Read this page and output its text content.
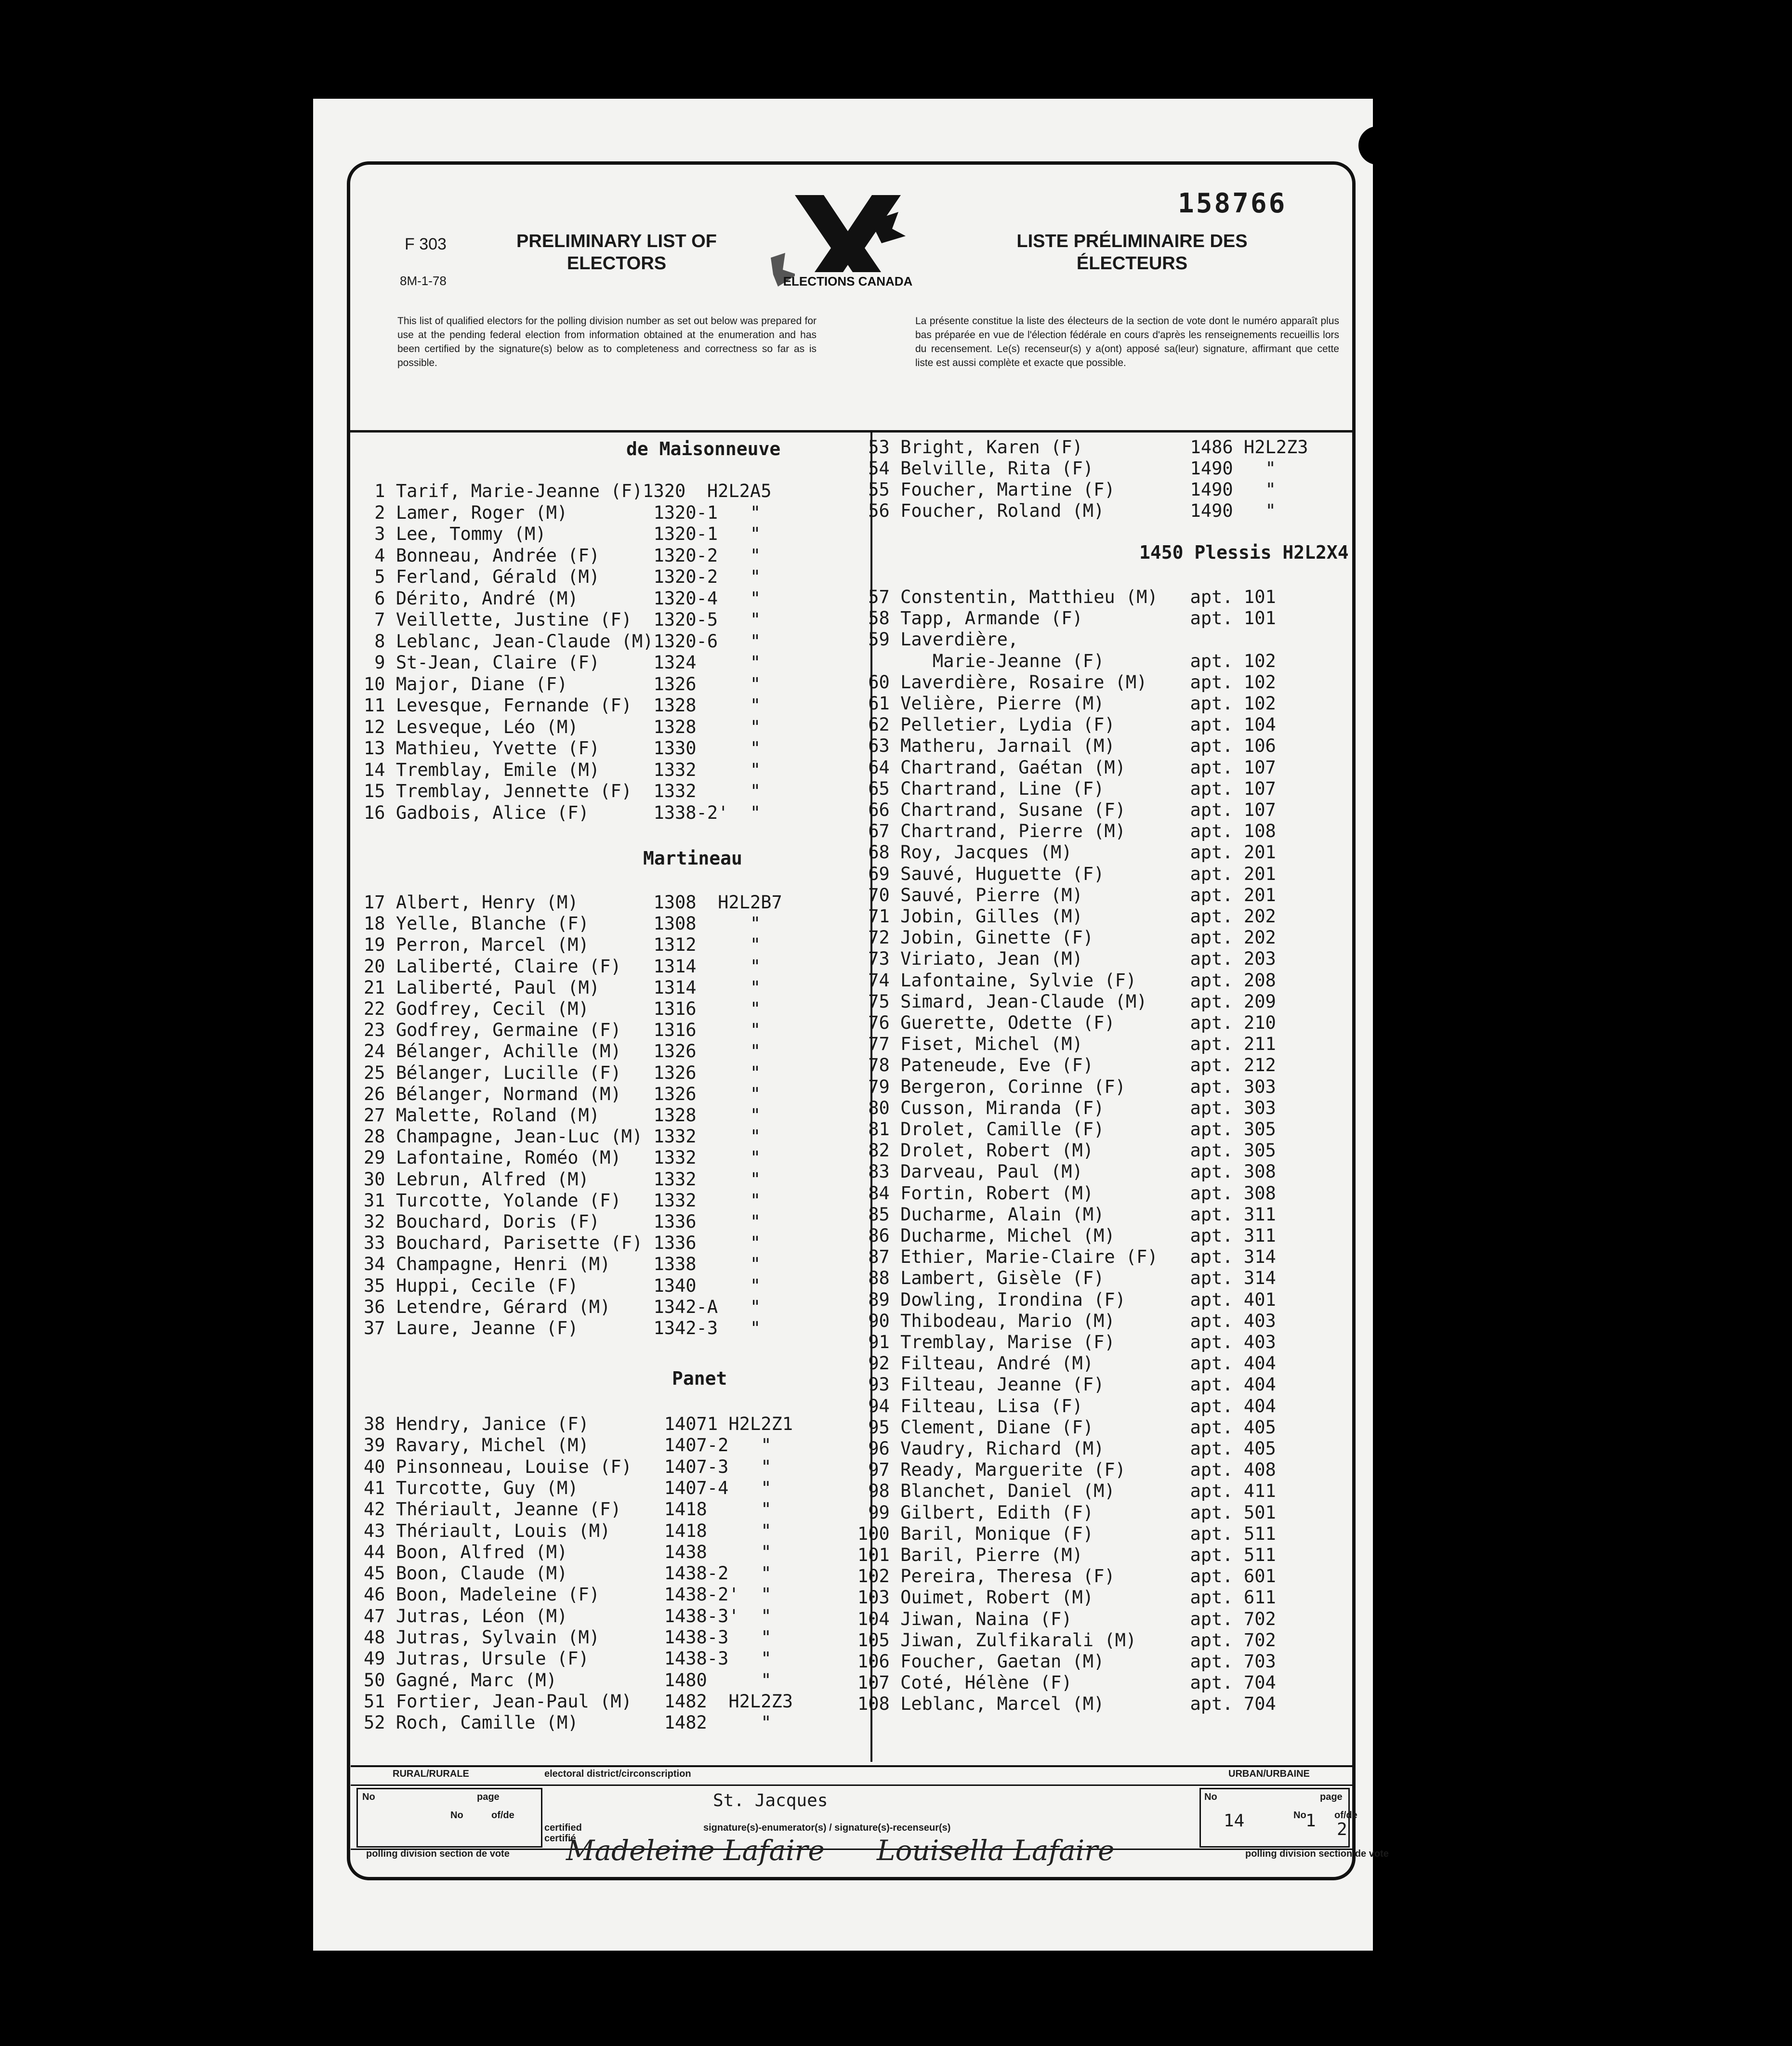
F 303
8M-1-78
PRELIMINARY LIST OF ELECTORS
LISTE PRÉLIMINAIRE DES ÉLECTEURS
158766
ELECTIONS CANADA
This list of qualified electors for the polling division number as set out below was prepared for use at the pending federal election from information obtained at the enumeration and has been certified by the signature(s) below as to completeness and correctness so far as is possible.
La présente constitue la liste des électeurs de la section de vote dont le numéro apparaît plus bas préparée en vue de l'élection fédérale en cours d'après les renseignements recueillis lors du recensement. Le(s) recenseur(s) y a(ont) apposé sa(leur) signature, affirmant que cette liste est aussi complète et exacte que possible.
de Maisonneuve
Martineau
Panet
1450 Plessis H2L2X4
1 Tarif, Marie-Jeanne (F)1320  H2L2A5
2 Lamer, Roger (M)        1320-1   "
3 Lee, Tommy (M)          1320-1   "
4 Bonneau, Andrée (F)     1320-2   "
5 Ferland, Gérald (M)     1320-2   "
6 Dérito, André (M)       1320-4   "
7 Veillette, Justine (F)  1320-5   "
8 Leblanc, Jean-Claude (M)1320-6   "
9 St-Jean, Claire (F)     1324     "
10 Major, Diane (F)        1326     "
11 Levesque, Fernande (F)  1328     "
12 Lesveque, Léo (M)       1328     "
13 Mathieu, Yvette (F)     1330     "
14 Tremblay, Emile (M)     1332     "
15 Tremblay, Jennette (F)  1332     "
16 Gadbois, Alice (F)      1338-2'  "
17 Albert, Henry (M)       1308  H2L2B7
18 Yelle, Blanche (F)      1308     "
19 Perron, Marcel (M)      1312     "
20 Laliberté, Claire (F)   1314     "
21 Laliberté, Paul (M)     1314     "
22 Godfrey, Cecil (M)      1316     "
23 Godfrey, Germaine (F)   1316     "
24 Bélanger, Achille (M)   1326     "
25 Bélanger, Lucille (F)   1326     "
26 Bélanger, Normand (M)   1326     "
27 Malette, Roland (M)     1328     "
28 Champagne, Jean-Luc (M) 1332     "
29 Lafontaine, Roméo (M)   1332     "
30 Lebrun, Alfred (M)      1332     "
31 Turcotte, Yolande (F)   1332     "
32 Bouchard, Doris (F)     1336     "
33 Bouchard, Parisette (F) 1336     "
34 Champagne, Henri (M)    1338     "
35 Huppi, Cecile (F)       1340     "
36 Letendre, Gérard (M)    1342-A   "
37 Laure, Jeanne (F)       1342-3   "
38 Hendry, Janice (F)       14071 H2L2Z1
39 Ravary, Michel (M)       1407-2   "
40 Pinsonneau, Louise (F)   1407-3   "
41 Turcotte, Guy (M)        1407-4   "
42 Thériault, Jeanne (F)    1418     "
43 Thériault, Louis (M)     1418     "
44 Boon, Alfred (M)         1438     "
45 Boon, Claude (M)         1438-2   "
46 Boon, Madeleine (F)      1438-2'  "
47 Jutras, Léon (M)         1438-3'  "
48 Jutras, Sylvain (M)      1438-3   "
49 Jutras, Ursule (F)       1438-3   "
50 Gagné, Marc (M)          1480     "
51 Fortier, Jean-Paul (M)   1482  H2L2Z3
52 Roch, Camille (M)        1482     "
53 Bright, Karen (F)          1486 H2L2Z3
54 Belville, Rita (F)         1490   "
55 Foucher, Martine (F)       1490   "
56 Foucher, Roland (M)        1490   "
57 Constentin, Matthieu (M)   apt. 101
58 Tapp, Armande (F)          apt. 101
59 Laverdière,
Marie-Jeanne (F)        apt. 102
60 Laverdière, Rosaire (M)    apt. 102
61 Velière, Pierre (M)        apt. 102
62 Pelletier, Lydia (F)       apt. 104
63 Matheru, Jarnail (M)       apt. 106
64 Chartrand, Gaétan (M)      apt. 107
65 Chartrand, Line (F)        apt. 107
66 Chartrand, Susane (F)      apt. 107
67 Chartrand, Pierre (M)      apt. 108
68 Roy, Jacques (M)           apt. 201
69 Sauvé, Huguette (F)        apt. 201
70 Sauvé, Pierre (M)          apt. 201
71 Jobin, Gilles (M)          apt. 202
72 Jobin, Ginette (F)         apt. 202
73 Viriato, Jean (M)          apt. 203
74 Lafontaine, Sylvie (F)     apt. 208
75 Simard, Jean-Claude (M)    apt. 209
76 Guerette, Odette (F)       apt. 210
77 Fiset, Michel (M)          apt. 211
78 Pateneude, Eve (F)         apt. 212
79 Bergeron, Corinne (F)      apt. 303
80 Cusson, Miranda (F)        apt. 303
81 Drolet, Camille (F)        apt. 305
82 Drolet, Robert (M)         apt. 305
83 Darveau, Paul (M)          apt. 308
84 Fortin, Robert (M)         apt. 308
85 Ducharme, Alain (M)        apt. 311
86 Ducharme, Michel (M)       apt. 311
87 Ethier, Marie-Claire (F)   apt. 314
88 Lambert, Gisèle (F)        apt. 314
89 Dowling, Irondina (F)      apt. 401
90 Thibodeau, Mario (M)       apt. 403
91 Tremblay, Marise (F)       apt. 403
92 Filteau, André (M)         apt. 404
93 Filteau, Jeanne (F)        apt. 404
94 Filteau, Lisa (F)          apt. 404
95 Clement, Diane (F)         apt. 405
96 Vaudry, Richard (M)        apt. 405
97 Ready, Marguerite (F)      apt. 408
98 Blanchet, Daniel (M)       apt. 411
99 Gilbert, Edith (F)         apt. 501
100 Baril, Monique (F)         apt. 511
101 Baril, Pierre (M)          apt. 511
102 Pereira, Theresa (F)       apt. 601
103 Ouimet, Robert (M)         apt. 611
104 Jiwan, Naina (F)           apt. 702
105 Jiwan, Zulfikarali (M)     apt. 702
106 Foucher, Gaetan (M)        apt. 703
107 Coté, Hélène (F)           apt. 704
108 Leblanc, Marcel (M)        apt. 704
RURAL/RURALE	URBAN/URBAINE
electoral district/circonscription
No	page
No	of/de
polling division section de vote
St. Jacques
certified certifié
signature(s)-enumerator(s) / signature(s)-recenseur(s)
Madeleine Lafaire Louisella Lafaire
No	page
14	No
1 of/de
2
polling division section de vote
